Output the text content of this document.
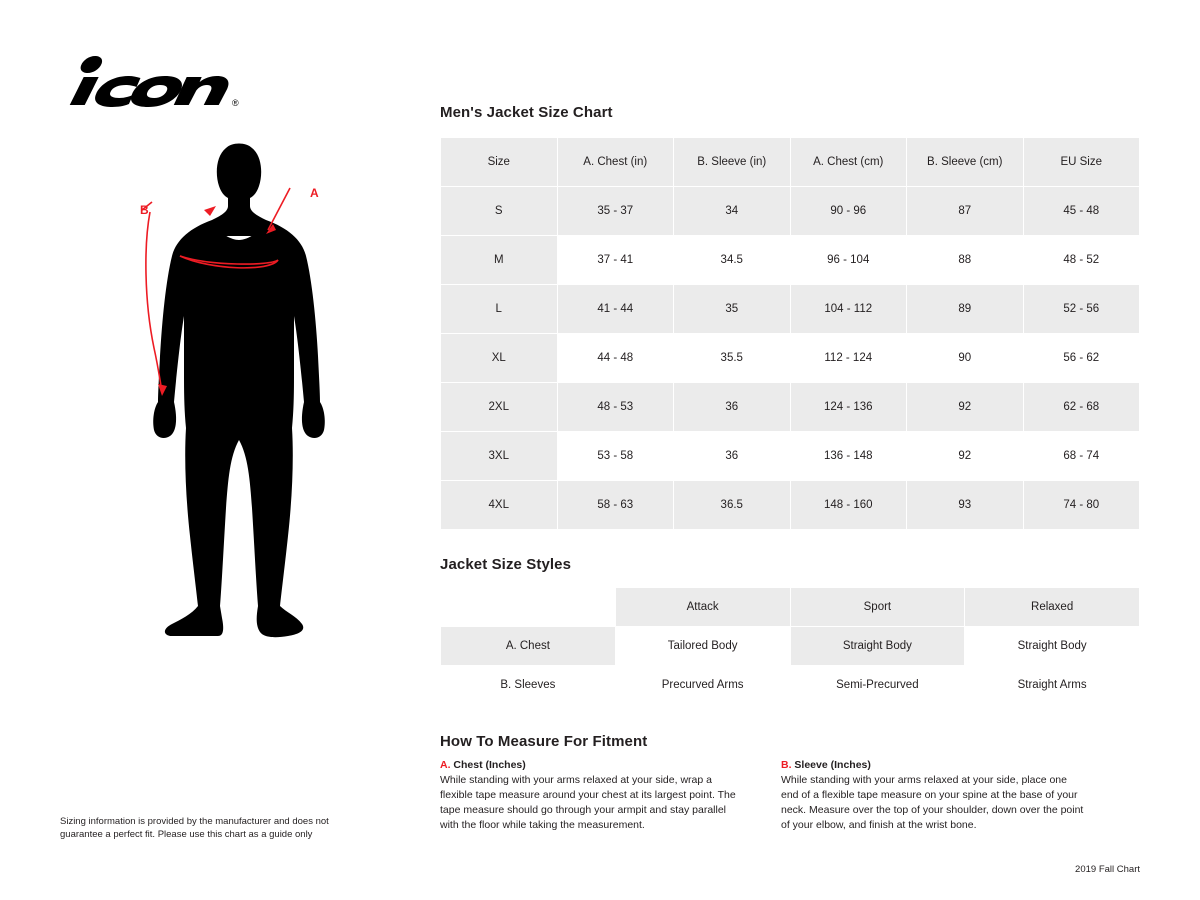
®
A
B
Sizing information is provided by the manufacturer and does not guarantee a perfect fit. Please use this chart as a guide only
Men's Jacket Size Chart
Size	A. Chest (in)	B. Sleeve (in)	A. Chest (cm)	B. Sleeve (cm)	EU Size
S	35 - 37	34	90 - 96	87	45 - 48
M	37 - 41	34.5	96 - 104	88	48 - 52
L	41 - 44	35	104 - 112	89	52 - 56
XL	44 - 48	35.5	112 - 124	90	56 - 62
2XL	48 - 53	36	124 - 136	92	62 - 68
3XL	53 - 58	36	136 - 148	92	68 - 74
4XL	58 - 63	36.5	148 - 160	93	74 - 80
Jacket Size Styles
	Attack	Sport	Relaxed
A. Chest	Tailored Body	Straight Body	Straight Body
B. Sleeves	Precurved Arms	Semi-Precurved	Straight Arms
How To Measure For Fitment
A. Chest (Inches)
While standing with your arms relaxed at your side, wrap a flexible tape measure around your chest at its largest point. The tape measure should go through your armpit and stay parallel with the floor while taking the measurement.
B. Sleeve (Inches)
While standing with your arms relaxed at your side, place one end of a flexible tape measure on your spine at the base of your neck. Measure over the top of your shoulder, down over the point of your elbow, and finish at the wrist bone.
2019 Fall Chart
